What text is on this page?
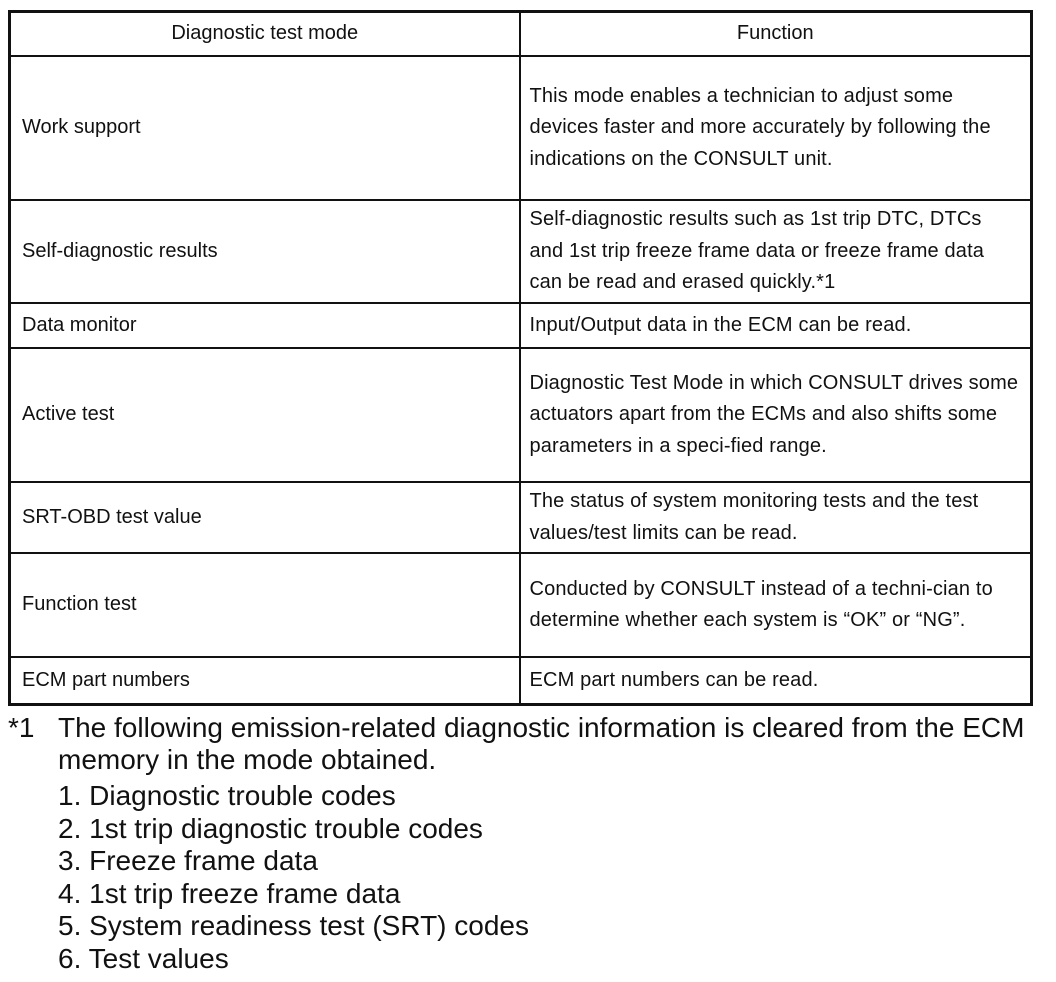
Diagnostic test mode	Function
Work support	This mode enables a technician to adjust some devices faster and more accurately by following the indications on the CONSULT unit.
Self-diagnostic results	Self-diagnostic results such as 1st trip DTC, DTCs and 1st trip freeze frame data or freeze frame data can be read and erased quickly.*1
Data monitor	Input/Output data in the ECM can be read.
Active test	Diagnostic Test Mode in which CONSULT drives some actuators apart from the ECMs and also shifts some parameters in a speci-fied range.
SRT-OBD test value	The status of system monitoring tests and the test values/test limits can be read.
Function test	Conducted by CONSULT instead of a techni-cian to determine whether each system is “OK” or “NG”.
ECM part numbers	ECM part numbers can be read.
*1 The following emission-related diagnostic information is cleared from the ECM memory in the mode obtained.
1. Diagnostic trouble codes
2. 1st trip diagnostic trouble codes
3. Freeze frame data
4. 1st trip freeze frame data
5. System readiness test (SRT) codes
6. Test values
